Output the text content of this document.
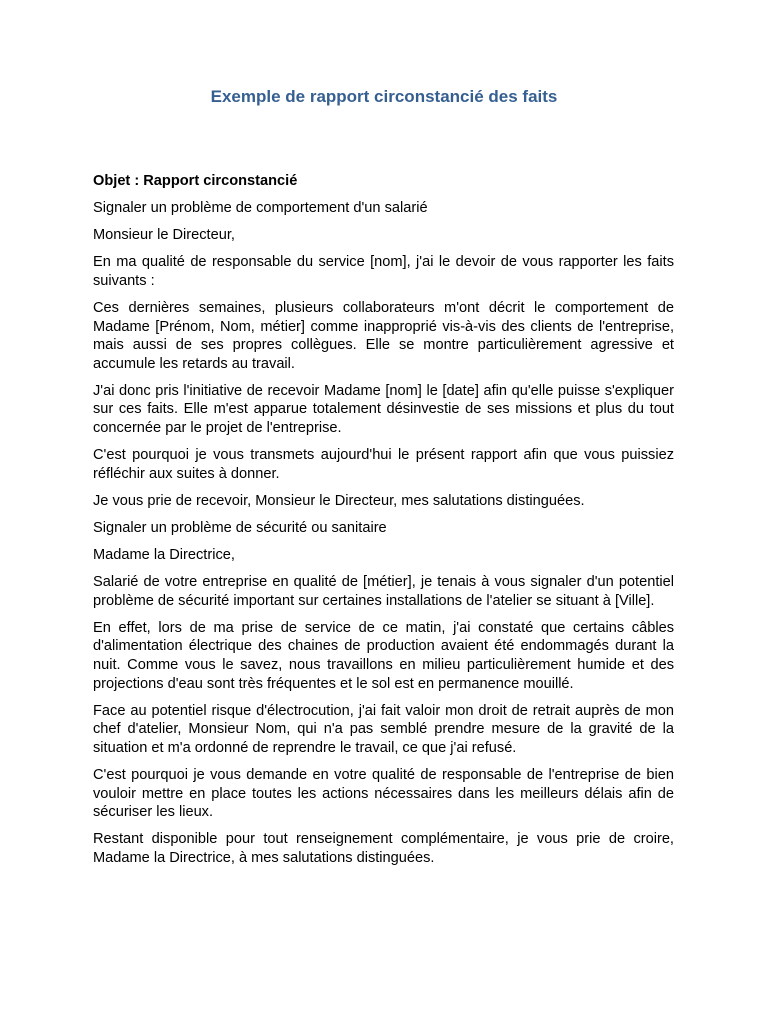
Exemple de rapport circonstancié des faits

Objet : Rapport circonstancié

Signaler un problème de comportement d'un salarié

Monsieur le Directeur,

En ma qualité de responsable du service [nom], j'ai le devoir de vous rapporter les faits suivants :

Ces dernières semaines, plusieurs collaborateurs m'ont décrit le comportement de Madame [Prénom, Nom, métier] comme inapproprié vis-à-vis des clients de l'entreprise, mais aussi de ses propres collègues. Elle se montre particulièrement agressive et accumule les retards au travail.

J'ai donc pris l'initiative de recevoir Madame [nom] le [date] afin qu'elle puisse s'expliquer sur ces faits. Elle m'est apparue totalement désinvestie de ses missions et plus du tout concernée par le projet de l'entreprise.

C'est pourquoi je vous transmets aujourd'hui le présent rapport afin que vous puissiez réfléchir aux suites à donner.

Je vous prie de recevoir, Monsieur le Directeur, mes salutations distinguées.

Signaler un problème de sécurité ou sanitaire

Madame la Directrice,

Salarié de votre entreprise en qualité de [métier], je tenais à vous signaler d'un potentiel problème de sécurité important sur certaines installations de l'atelier se situant à [Ville].

En effet, lors de ma prise de service de ce matin, j'ai constaté que certains câbles d'alimentation électrique des chaines de production avaient été endommagés durant la nuit. Comme vous le savez, nous travaillons en milieu particulièrement humide et des projections d'eau sont très fréquentes et le sol est en permanence mouillé.

Face au potentiel risque d'électrocution, j'ai fait valoir mon droit de retrait auprès de mon chef d'atelier, Monsieur Nom, qui n'a pas semblé prendre mesure de la gravité de la situation et m'a ordonné de reprendre le travail, ce que j'ai refusé.

C'est pourquoi je vous demande en votre qualité de responsable de l'entreprise de bien vouloir mettre en place toutes les actions nécessaires dans les meilleurs délais afin de sécuriser les lieux.

Restant disponible pour tout renseignement complémentaire, je vous prie de croire, Madame la Directrice, à mes salutations distinguées.
